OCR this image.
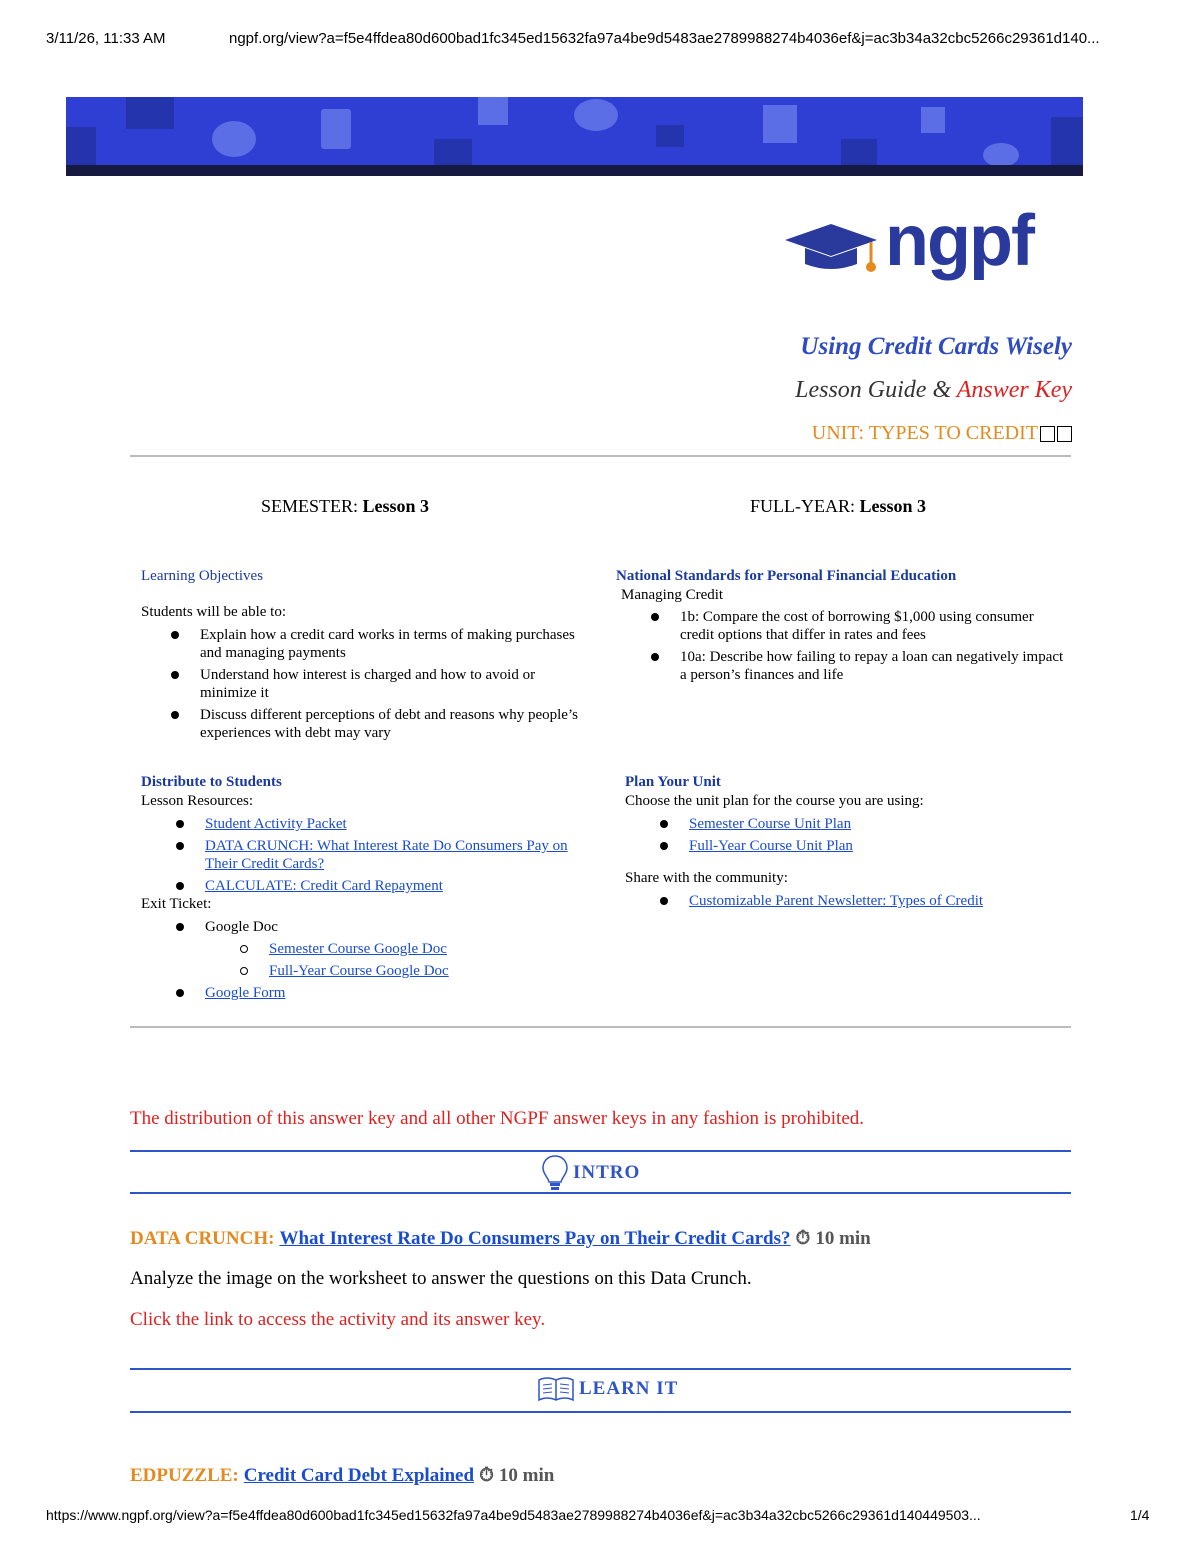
3/11/26, 11:33 AM	ngpf.org/view?a=f5e4ffdea80d600bad1fc345ed15632fa97a4be9d5483ae2789988274b4036ef&j=ac3b34a32cbc5266c29361d140...
ngpf
Using Credit Cards Wisely
Lesson Guide & Answer Key
UNIT: TYPES TO CREDIT
SEMESTER: Lesson 3	FULL-YEAR: Lesson 3
Learning Objectives
Students will be able to:
Explain how a credit card works in terms of making purchases and managing payments
Understand how interest is charged and how to avoid or minimize it
Discuss different perceptions of debt and reasons why people’s experiences with debt may vary
National Standards for Personal Financial Education
Managing Credit
1b: Compare the cost of borrowing $1,000 using consumer credit options that differ in rates and fees
10a: Describe how failing to repay a loan can negatively impact a person’s finances and life
Distribute to Students
Lesson Resources:
Student Activity Packet
DATA CRUNCH: What Interest Rate Do Consumers Pay on Their Credit Cards?
CALCULATE: Credit Card Repayment
Exit Ticket:
Google Doc
Semester Course Google Doc
Full-Year Course Google Doc
Google Form
Plan Your Unit
Choose the unit plan for the course you are using:
Semester Course Unit Plan
Full-Year Course Unit Plan
Share with the community:
Customizable Parent Newsletter: Types of Credit
The distribution of this answer key and all other NGPF answer keys in any fashion is prohibited.
INTRO
DATA CRUNCH: What Interest Rate Do Consumers Pay on Their Credit Cards? ⏱ 10 min
Analyze the image on the worksheet to answer the questions on this Data Crunch.
Click the link to access the activity and its answer key.
LEARN IT
EDPUZZLE: Credit Card Debt Explained ⏱ 10 min
https://www.ngpf.org/view?a=f5e4ffdea80d600bad1fc345ed15632fa97a4be9d5483ae2789988274b4036ef&j=ac3b34a32cbc5266c29361d140449503...	1/4
